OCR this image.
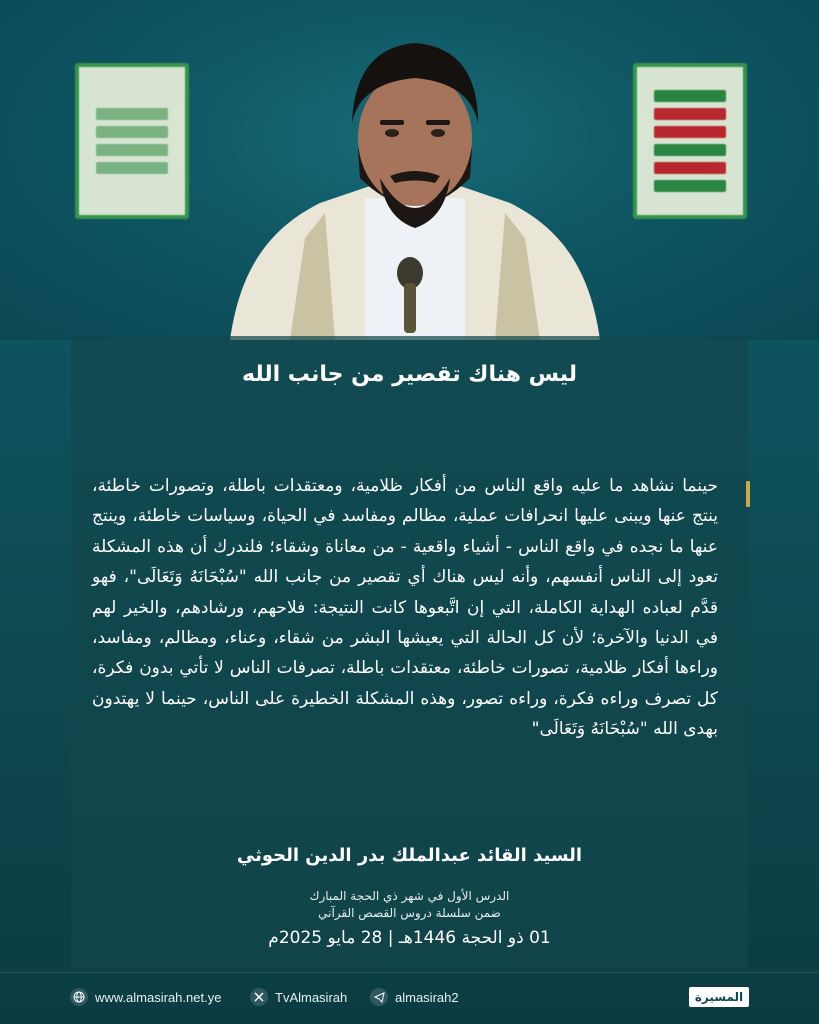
ليس هناك تقصير من جانب الله
حينما نشاهد ما عليه واقع الناس من أفكار ظلامية، ومعتقدات باطلة، وتصورات خاطئة، ينتج عنها ويبنى عليها انحرافات عملية، مظالم ومفاسد في الحياة، وسياسات خاطئة، وينتج عنها ما نجده في واقع الناس - أشياء واقعية - من معاناة وشقاء؛ فلندرك أن هذه المشكلة تعود إلى الناس أنفسهم، وأنه ليس هناك أي تقصير من جانب الله "سُبْحَانَهُ وَتَعَالَى"، فهو قدَّم لعباده الهداية الكاملة، التي إن اتَّبعوها كانت النتيجة: فلاحهم، ورشادهم، والخير لهم في الدنيا والآخرة؛ لأن كل الحالة التي يعيشها البشر من شقاء، وعناء، ومظالم، ومفاسد، وراءها أفكار ظلامية، تصورات خاطئة، معتقدات باطلة، تصرفات الناس لا تأتي بدون فكرة، كل تصرف وراءه فكرة، وراءه تصور، وهذه المشكلة الخطيرة على الناس، حينما لا يهتدون بهدى الله "سُبْحَانَهُ وَتَعَالَى"
السيد القائد عبدالملك بدر الدين الحوثي
الدرس الأول في شهر ذي الحجة المبارك
ضمن سلسلة دروس القصص القرآني
01 ذو الحجة 1446هـ | 28 مايو 2025م
www.almasirah.net.ye	TvAlmasirah	almasirah2	المسيرة
